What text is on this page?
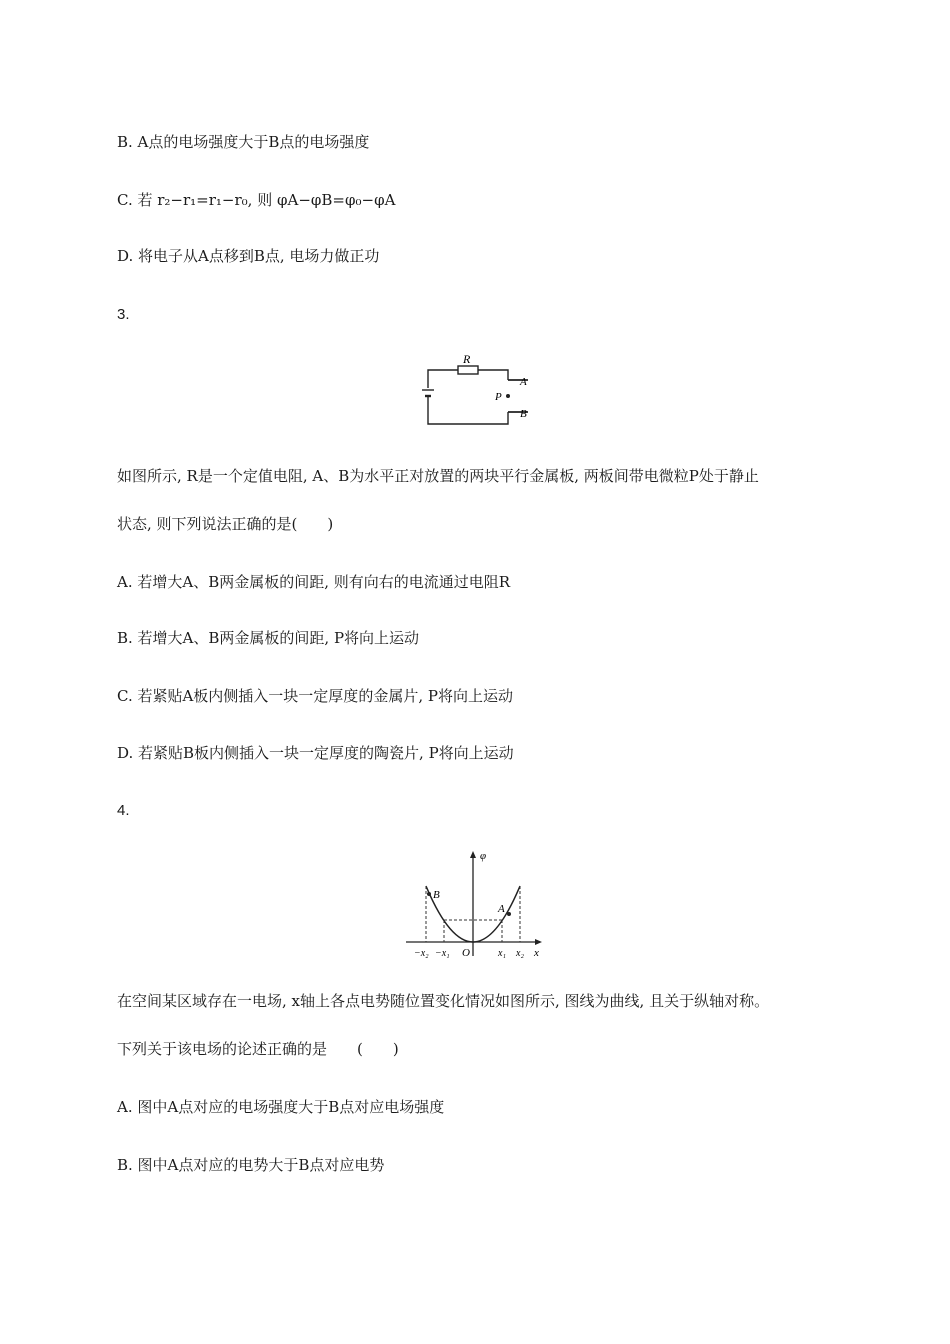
B. A点的电场强度大于B点的电场强度
C. 若 r₂−r₁=r₁−r₀, 则 φA−φB=φ₀−φA
D. 将电子从A点移到B点, 电场力做正功
3.
R
A
B
P
如图所示, R是一个定值电阻, A、B为水平正对放置的两块平行金属板, 两板间带电微粒P处于静止
状态, 则下列说法正确的是(　　)
A. 若增大A、B两金属板的间距, 则有向右的电流通过电阻R
B. 若增大A、B两金属板的间距, P将向上运动
C. 若紧贴A板内侧插入一块一定厚度的金属片, P将向上运动
D. 若紧贴B板内侧插入一块一定厚度的陶瓷片, P将向上运动
4.
φ
B
A
O	x
−x₂ −x₁	x₁ x₂
在空间某区域存在一电场, x轴上各点电势随位置变化情况如图所示, 图线为曲线, 且关于纵轴对称。
下列关于该电场的论述正确的是　　(　　)
A. 图中A点对应的电场强度大于B点对应电场强度
B. 图中A点对应的电势大于B点对应电势
